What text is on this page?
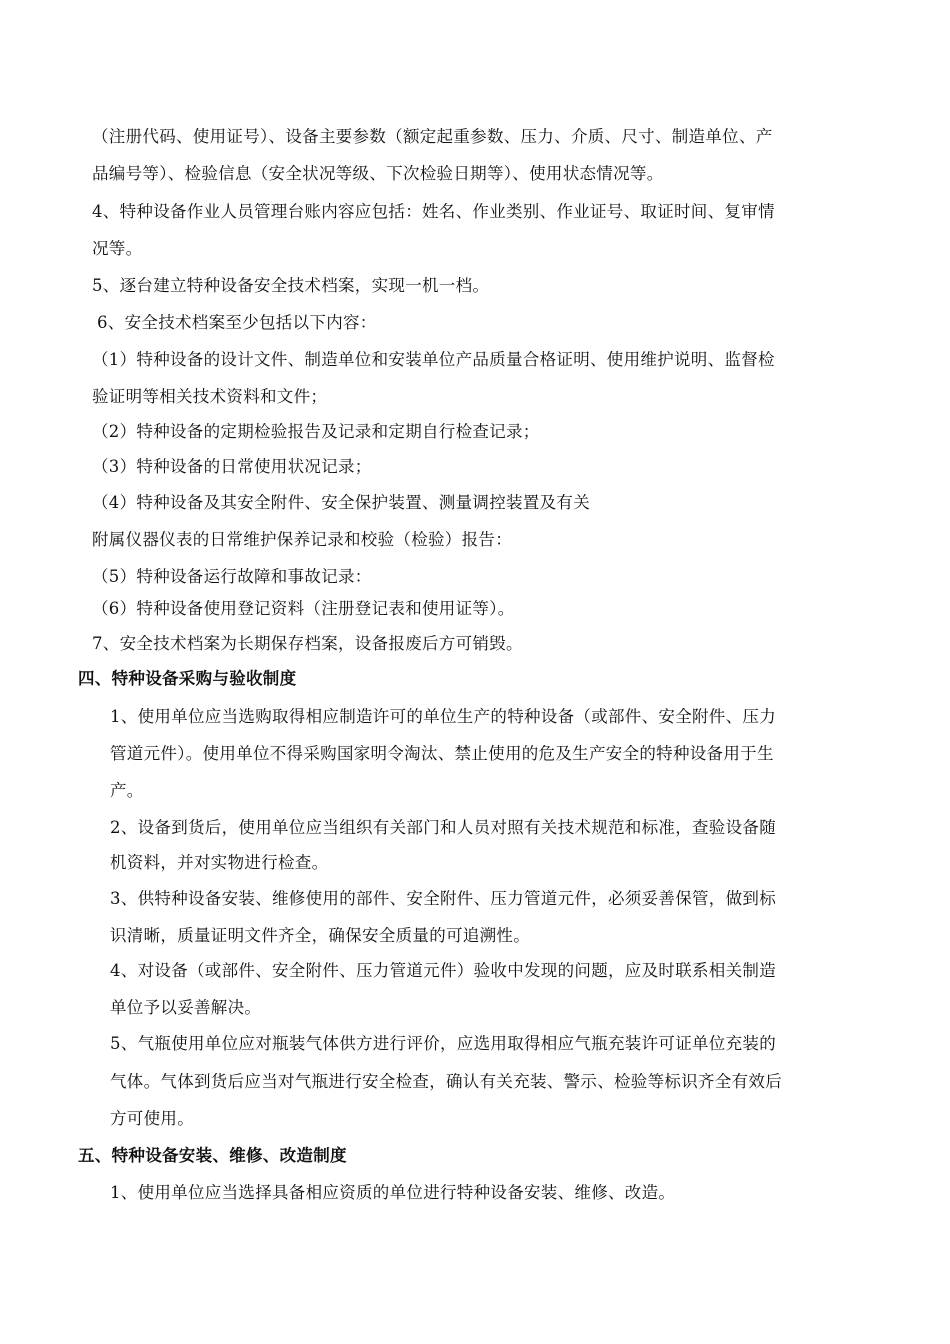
（注册代码、使用证号）、设备主要参数（额定起重参数、压力、介质、尺寸、制造单位、产
品编号等）、检验信息（安全状况等级、下次检验日期等）、使用状态情况等。
4、特种设备作业人员管理台账内容应包括：姓名、作业类别、作业证号、取证时间、复审情
况等。
5、逐台建立特种设备安全技术档案，实现一机一档。
6、安全技术档案至少包括以下内容：
（1）特种设备的设计文件、制造单位和安装单位产品质量合格证明、使用维护说明、监督检
验证明等相关技术资料和文件；
（2）特种设备的定期检验报告及记录和定期自行检查记录；
（3）特种设备的日常使用状况记录；
（4）特种设备及其安全附件、安全保护装置、测量调控装置及有关
附属仪器仪表的日常维护保养记录和校验（检验）报告：
（5）特种设备运行故障和事故记录：
（6）特种设备使用登记资料（注册登记表和使用证等）。
7、安全技术档案为长期保存档案，设备报废后方可销毁。
四、特种设备采购与验收制度
1、使用单位应当选购取得相应制造许可的单位生产的特种设备（或部件、安全附件、压力
管道元件）。使用单位不得采购国家明令淘汰、禁止使用的危及生产安全的特种设备用于生
产。
2、设备到货后，使用单位应当组织有关部门和人员对照有关技术规范和标准，查验设备随
机资料，并对实物进行检查。
3、供特种设备安装、维修使用的部件、安全附件、压力管道元件，必须妥善保管，做到标
识清晰，质量证明文件齐全，确保安全质量的可追溯性。
4、对设备（或部件、安全附件、压力管道元件）验收中发现的问题，应及时联系相关制造
单位予以妥善解决。
5、气瓶使用单位应对瓶装气体供方进行评价，应选用取得相应气瓶充装许可证单位充装的
气体。气体到货后应当对气瓶进行安全检查，确认有关充装、警示、检验等标识齐全有效后
方可使用。
五、特种设备安装、维修、改造制度
1、使用单位应当选择具备相应资质的单位进行特种设备安装、维修、改造。
